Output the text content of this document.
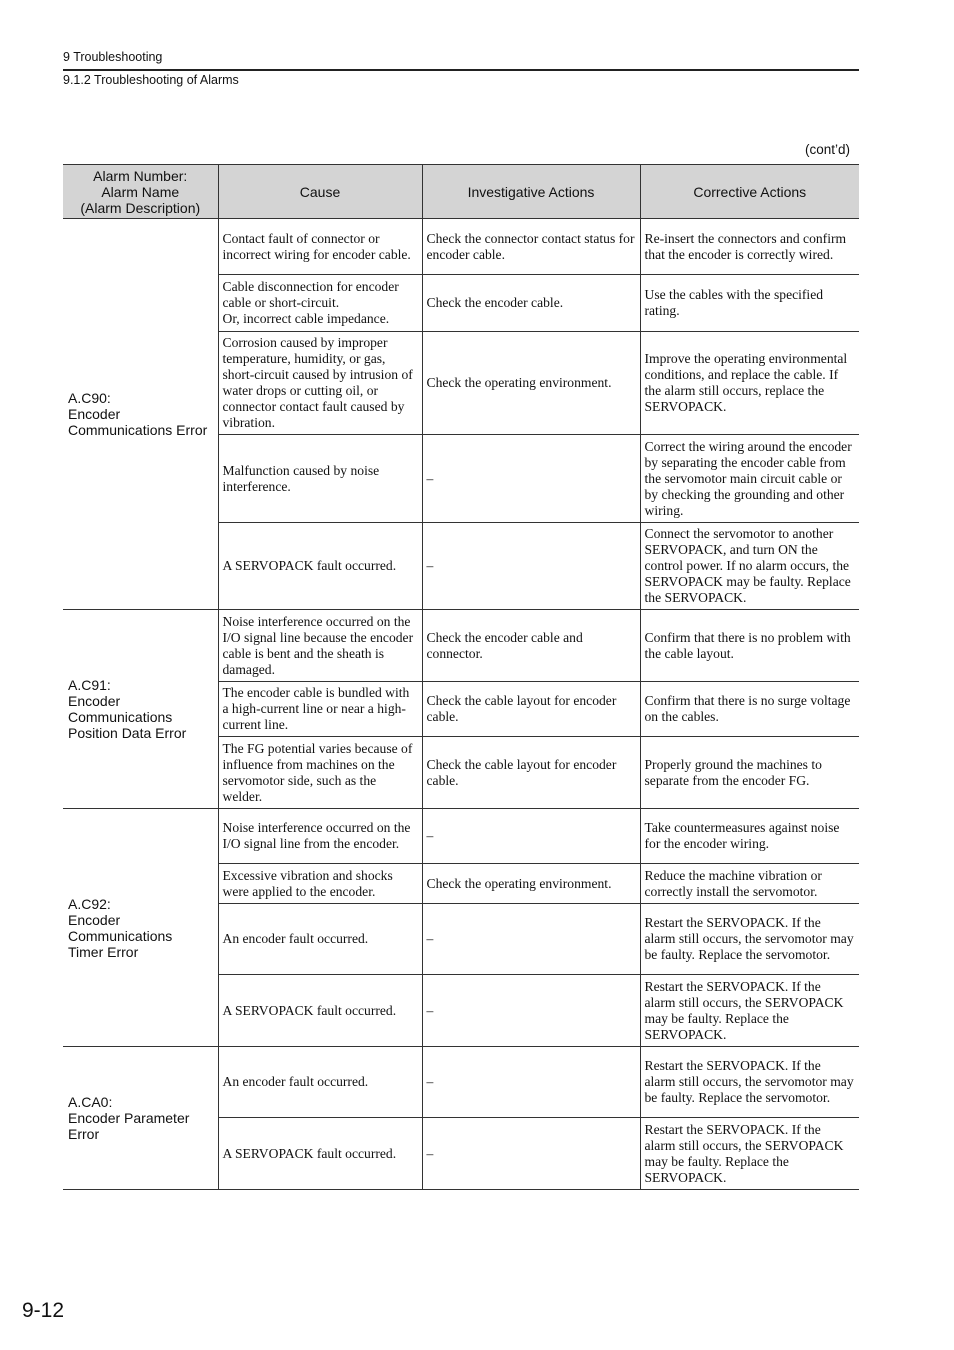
9 Troubleshooting
9.1.2 Troubleshooting of Alarms
(cont’d)
Alarm Number:
Alarm Name
(Alarm Description)	Cause	Investigative Actions	Corrective Actions

A.C90:
Encoder
Communications Error	Contact fault of connector or incorrect wiring for encoder cable.	Check the connector contact status for encoder cable.	Re-insert the connectors and confirm that the encoder is correctly wired.
	Cable disconnection for encoder cable or short-circuit.
Or, incorrect cable impedance.	Check the encoder cable.	Use the cables with the specified rating.
	Corrosion caused by improper temperature, humidity, or gas, short-circuit caused by intrusion of water drops or cutting oil, or connector contact fault caused by vibration.	Check the operating environment.	Improve the operating environmental conditions, and replace the cable. If the alarm still occurs, replace the SERVOPACK.
	Malfunction caused by noise interference.	–	Correct the wiring around the encoder by separating the encoder cable from the servomotor main circuit cable or by checking the grounding and other wiring.
	A SERVOPACK fault occurred.	–	Connect the servomotor to another SERVOPACK, and turn ON the control power. If no alarm occurs, the SERVOPACK may be faulty. Replace the SERVOPACK.

A.C91:
Encoder
Communications
Position Data Error	Noise interference occurred on the I/O signal line because the encoder cable is bent and the sheath is damaged.	Check the encoder cable and connector.	Confirm that there is no problem with the cable layout.
	The encoder cable is bundled with a high-current line or near a high-current line.	Check the cable layout for encoder cable.	Confirm that there is no surge voltage on the cables.
	The FG potential varies because of influence from machines on the servomotor side, such as the welder.	Check the cable layout for encoder cable.	Properly ground the machines to separate from the encoder FG.

A.C92:
Encoder
Communications
Timer Error	Noise interference occurred on the I/O signal line from the encoder.	–	Take countermeasures against noise for the encoder wiring.
	Excessive vibration and shocks were applied to the encoder.	Check the operating environment.	Reduce the machine vibration or correctly install the servomotor.
	An encoder fault occurred.	–	Restart the SERVOPACK. If the alarm still occurs, the servomotor may be faulty. Replace the servomotor.
	A SERVOPACK fault occurred.	–	Restart the SERVOPACK. If the alarm still occurs, the SERVOPACK may be faulty. Replace the SERVOPACK.

A.CA0:
Encoder Parameter
Error	An encoder fault occurred.	–	Restart the SERVOPACK. If the alarm still occurs, the servomotor may be faulty. Replace the servomotor.
	A SERVOPACK fault occurred.	–	Restart the SERVOPACK. If the alarm still occurs, the SERVOPACK may be faulty. Replace the SERVOPACK.
9-12
